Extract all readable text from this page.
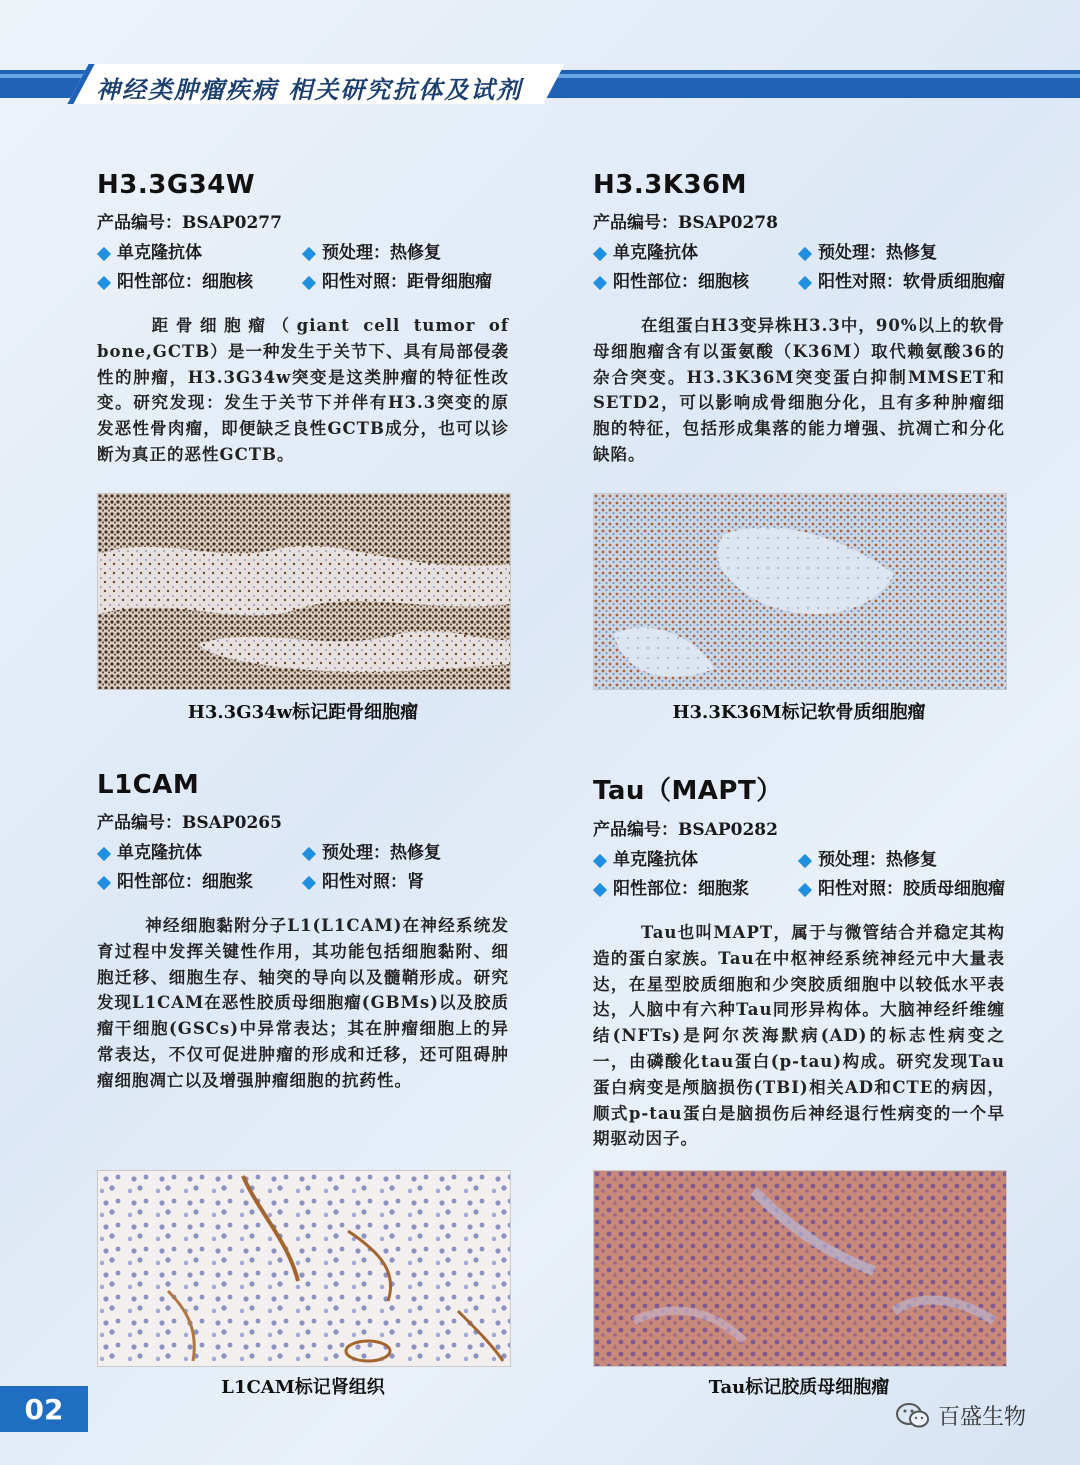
神经类肿瘤疾病 相关研究抗体及试剂
H3.3G34W
产品编号：BSAP0277
单克隆抗体	预处理：热修复
阳性部位：细胞核	阳性对照：距骨细胞瘤
距骨细胞瘤（giant cell tumor of bone,GCTB）是一种发生于关节下、具有局部侵袭性的肿瘤，H3.3G34w突变是这类肿瘤的特征性改变。研究发现：发生于关节下并伴有H3.3突变的原发恶性骨肉瘤，即便缺乏良性GCTB成分，也可以诊断为真正的恶性GCTB。
H3.3K36M
产品编号：BSAP0278
单克隆抗体	预处理：热修复
阳性部位：细胞核	阳性对照：软骨质细胞瘤
在组蛋白H3变异株H3.3中，90%以上的软骨母细胞瘤含有以蛋氨酸（K36M）取代赖氨酸36的杂合突变。H3.3K36M突变蛋白抑制MMSET和SETD2，可以影响成骨细胞分化，且有多种肿瘤细胞的特征，包括形成集落的能力增强、抗凋亡和分化缺陷。
L1CAM
产品编号：BSAP0265
单克隆抗体	预处理：热修复
阳性部位：细胞浆	阳性对照：肾
神经细胞黏附分子L1(L1CAM)在神经系统发育过程中发挥关键性作用，其功能包括细胞黏附、细胞迁移、细胞生存、轴突的导向以及髓鞘形成。研究发现L1CAM在恶性胶质母细胞瘤(GBMs)以及胶质瘤干细胞(GSCs)中异常表达；其在肿瘤细胞上的异常表达，不仅可促进肿瘤的形成和迁移，还可阻碍肿瘤细胞凋亡以及增强肿瘤细胞的抗药性。
Tau（MAPT）
产品编号：BSAP0282
单克隆抗体	预处理：热修复
阳性部位：细胞浆	阳性对照：胶质母细胞瘤
Tau也叫MAPT，属于与微管结合并稳定其构造的蛋白家族。Tau在中枢神经系统神经元中大量表达，在星型胶质细胞和少突胶质细胞中以较低水平表达，人脑中有六种Tau同形异构体。大脑神经纤维缠结(NFTs)是阿尔茨海默病(AD)的标志性病变之一，由磷酸化tau蛋白(p-tau)构成。研究发现Tau蛋白病变是颅脑损伤(TBI)相关AD和CTE的病因，顺式p-tau蛋白是脑损伤后神经退行性病变的一个早期驱动因子。
H3.3G34w标记距骨细胞瘤	H3.3K36M标记软骨质细胞瘤
L1CAM标记肾组织	Tau标记胶质母细胞瘤
02	百盛生物
